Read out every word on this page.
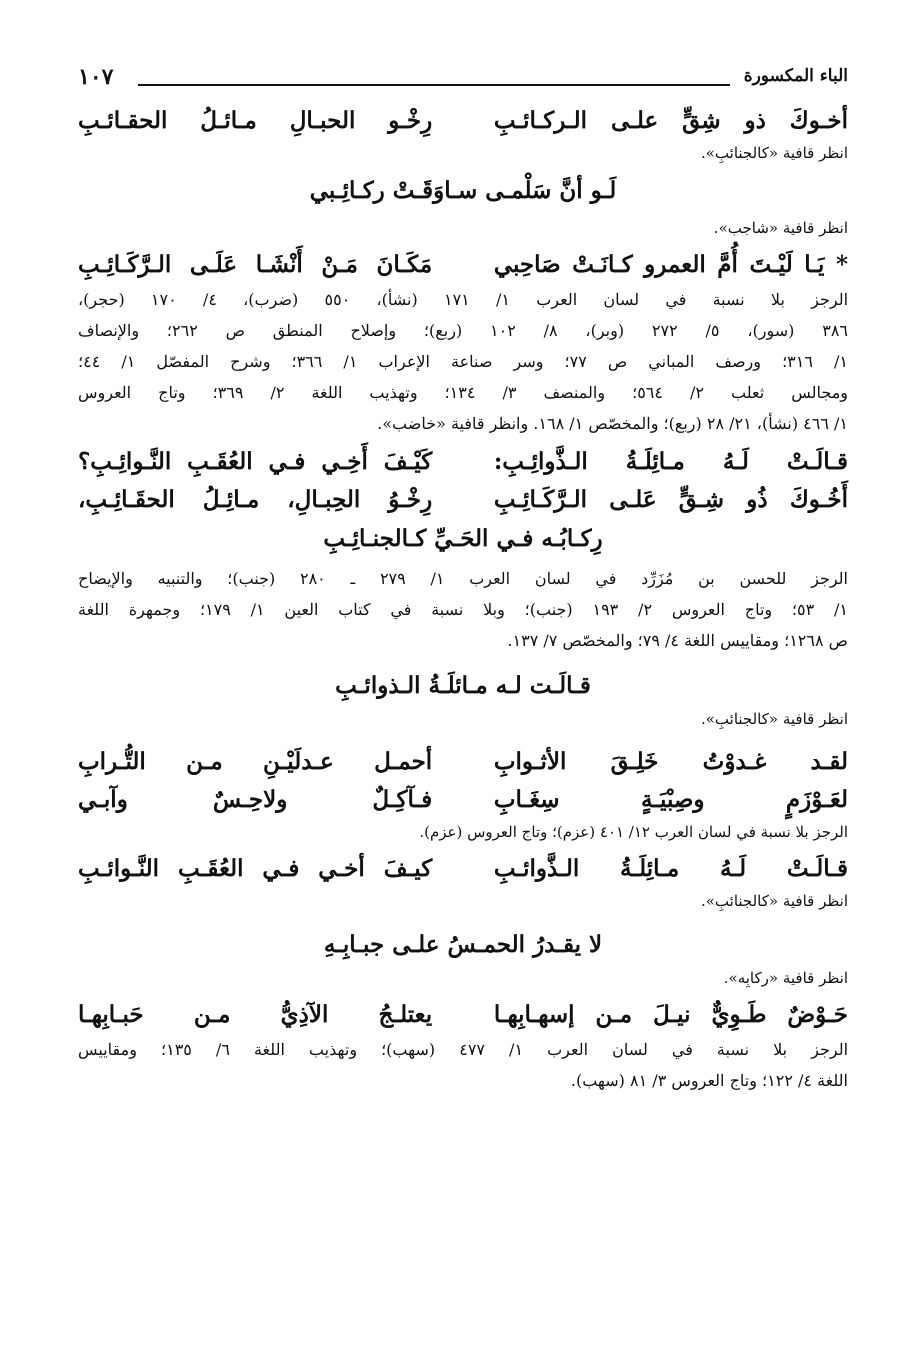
١٠٧	الباء المكسورة
أخـوكَ ذو شِقٍّ علـى الـركـائـبِ
رِخْـو الحبـالِ مـائـلُ الحقـائـبِ
انظر قافية «كالجنائبِ».
لَـو أنَّ سَلْمـى سـاوَقَـتْ ركـائِـبي
انظر قافية «شاجب».
* يَـا لَيْـتَ أُمَّ العمرو كـانَـتْ صَاحِبي
مَكَـانَ مَـنْ أَنْشَـا عَلَـى الـرَّكَـائِـبِ
الرجز بلا نسبة في لسان العرب ١/ ١٧١ (نشأ)، ٥٥٠ (ضرب)، ٤/ ١٧٠ (حجر)،
٣٨٦ (سور)، ٥/ ٢٧٢ (وبر)، ٨/ ١٠٢ (ربع)؛ وإصلاح المنطق ص ٢٦٢؛ والإنصاف
١/ ٣١٦؛ ورصف المباني ص ٧٧؛ وسر صناعة الإعراب ١/ ٣٦٦؛ وشرح المفصّل ١/ ٤٤؛
ومجالس ثعلب ٢/ ٥٦٤؛ والمنصف ٣/ ١٣٤؛ وتهذيب اللغة ٢/ ٣٦٩؛ وتاج العروس
١/ ٤٦٦ (نشأ)، ٢١/ ٢٨ (ربع)؛ والمخصّص ١/ ١٦٨. وانظر قافية «خاضب».
قـالَـتْ لَـهُ مـائِلَـةُ الـذَّوائِـبِ:
كَيْـفَ أَخِـي فـي العُقَـبِ النَّـوائِـبِ؟
أَخُـوكَ ذُو شِـقٍّ عَلـى الـرَّكَـائِـبِ
رِخْـوُ الحِبـالِ، مـائِـلُ الحقَـائِـبِ،
رِكـابُـه فـي الحَـيِّ كـالجنـائِـبِ
الرجز للحسن بن مُزَرِّد في لسان العرب ١/ ٢٧٩ ـ ٢٨٠ (جنب)؛ والتنبيه والإيضاح
١/ ٥٣؛ وتاج العروس ٢/ ١٩٣ (جنب)؛ وبلا نسبة في كتاب العين ١/ ١٧٩؛ وجمهرة اللغة
ص ١٢٦٨؛ ومقاييس اللغة ٤/ ٧٩؛ والمخصّص ٧/ ١٣٧.
قـالَـت لـه مـائلَـةُ الـذوائـبِ
انظر قافية «كالجنائبِ».
لقـد غـدوْتُ خَلِـقَ الأثـوابِ
أحمـل عـدلَيْـنِ مـن التُّـرابِ
لعَـوْزَمٍ وصِبْيَـةٍ سِغَـابِ
فـآكِـلٌ ولاحِـسٌ وآبـي
الرجز بلا نسبة في لسان العرب ١٢/ ٤٠١ (عزم)؛ وتاج العروس (عزم).
قـالَـتْ لَـهُ مـائِلَـةُ الـذَّوائـبِ
كيـفَ أخـي فـي العُقَـبِ النَّـوائـبِ
انظر قافية «كالجنائبِ».
لا يقـدرُ الحمـسُ علـى جبـابِـهِ
انظر قافية «ركابِه».
حَـوْضٌ طَـوِيٌّ نيـلَ مـن إسهـابِهـا
يعتلـجُ الآذِيُّ مـن حَبـابِهـا
الرجز بلا نسبة في لسان العرب ١/ ٤٧٧ (سهب)؛ وتهذيب اللغة ٦/ ١٣٥؛ ومقاييس
اللغة ٤/ ١٢٢؛ وتاج العروس ٣/ ٨١ (سهب).
